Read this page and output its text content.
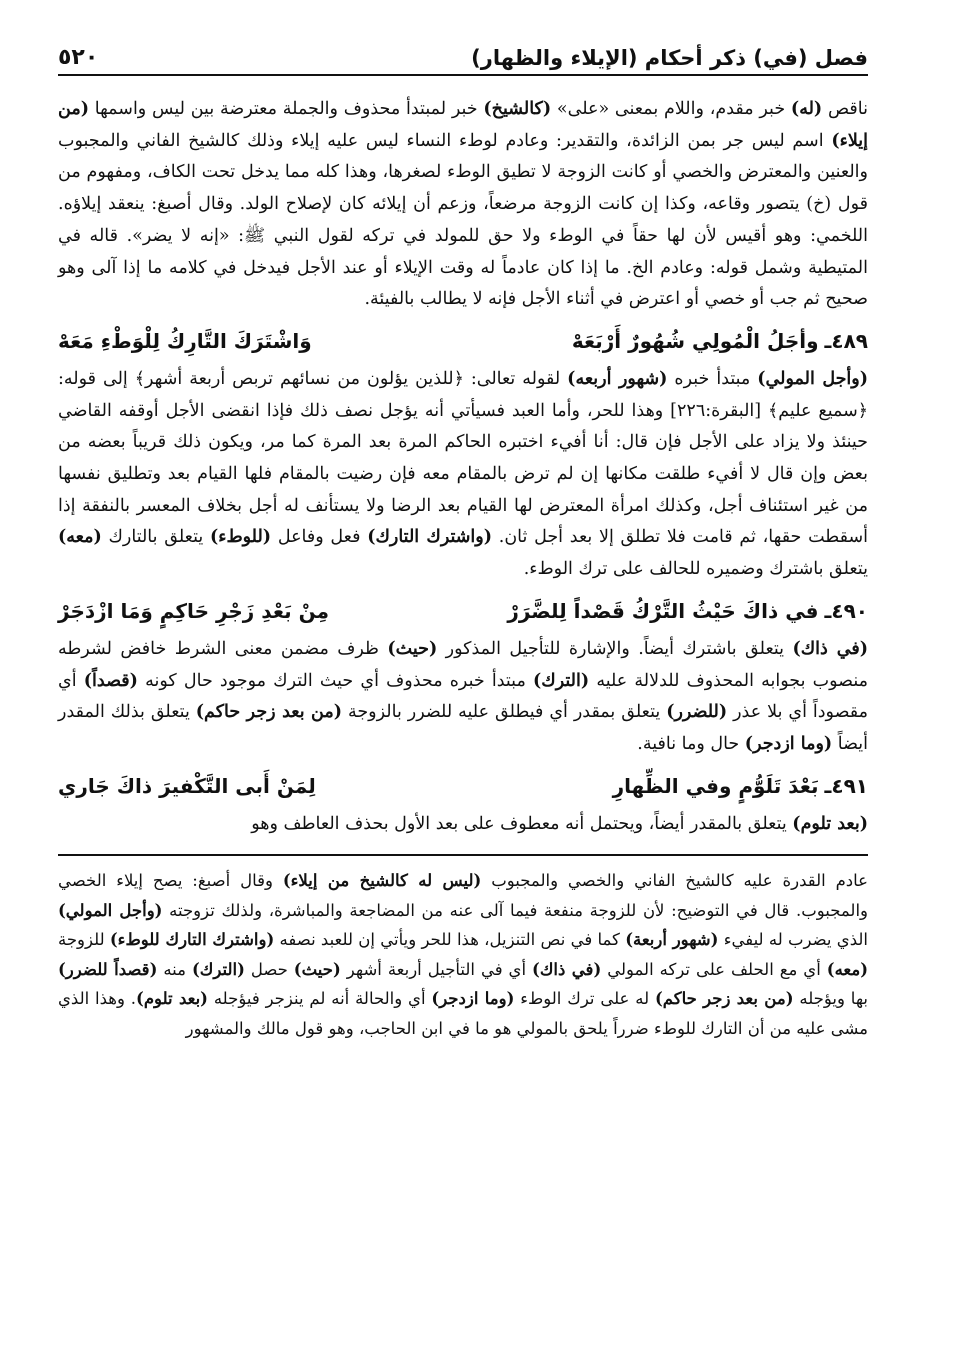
فصل (في) ذكر أحكام (الإيلاء والظهار)
٥٢٠

ناقص (له) خبر مقدم، واللام بمعنى «على» (كالشيخ) خبر لمبتدأ محذوف والجملة معترضة بين ليس واسمها (من إيلاء) اسم ليس جر بمن الزائدة، والتقدير: وعادم لوطء النساء ليس عليه إيلاء وذلك كالشيخ الفاني والمجبوب والعنين والمعترض والخصي أو كانت الزوجة لا تطيق الوطء لصغرها، وهذا كله مما يدخل تحت الكاف، ومفهوم من قول (خ) يتصور وقاعه، وكذا إن كانت الزوجة مرضعاً، وزعم أن إيلائه كان لإصلاح الولد. وقال أصبغ: ينعقد إيلاؤه. اللخمي: وهو أقيس لأن لها حقاً في الوطء ولا حق للمولد في تركه لقول النبي ﷺ: «إنه لا يضر». قاله في المتيطية وشمل قوله: وعادم الخ. ما إذا كان عادماً له وقت الإيلاء أو عند الأجل فيدخل في كلامه ما إذا آلى وهو صحيح ثم جب أو خصي أو اعترض في أثناء الأجل فإنه لا يطالب بالفيئة.

٤٨٩ـ
وأجَلُ الْمُولِي شُهُورٌ أَرْبَعَهْ
وَاشْتَرَكَ التَّارِكُ لِلْوَطْءِ مَعَهْ

(وأجل المولي) مبتدأ خبره (شهور أربعه) لقوله تعالى: ﴿للذين يؤلون من نسائهم تربص أربعة أشهر﴾ إلى قوله: ﴿سميع عليم﴾ [البقرة:٢٢٦] وهذا للحر، وأما العبد فسيأتي أنه يؤجل نصف ذلك فإذا انقضى الأجل أوقفه القاضي حينئذ ولا يزاد على الأجل فإن قال: أنا أفيء اختبره الحاكم المرة بعد المرة كما مر، ويكون ذلك قريباً بعضه من بعض وإن قال لا أفيء طلقت مكانها إن لم ترض بالمقام معه فإن رضيت بالمقام فلها القيام بعد وتطليق نفسها من غير استئناف أجل، وكذلك امرأة المعترض لها القيام بعد الرضا ولا يستأنف له أجل بخلاف المعسر بالنفقة إذا أسقطت حقها، ثم قامت فلا تطلق إلا بعد أجل ثان. (واشترك التارك) فعل وفاعل (للوطء) يتعلق بالتارك (معه) يتعلق باشترك وضميره للحالف على ترك الوطء.

٤٩٠ـ
في ذاكَ حَيْثُ التَّرْكُ قَصْداً لِلضَّرَرْ
مِنْ بَعْدِ زَجْرِ حَاكِمٍ وَمَا ازْدَجَرْ

(في ذاك) يتعلق باشترك أيضاً. والإشارة للتأجيل المذكور (حيث) ظرف مضمن معنى الشرط خافض لشرطه منصوب بجوابه المحذوف للدلالة عليه (الترك) مبتدأ خبره محذوف أي حيث الترك موجود حال كونه (قصداً) أي مقصوداً أي بلا عذر (للضرر) يتعلق بمقدر أي فيطلق عليه للضرر بالزوجة (من بعد زجر حاكم) يتعلق بذلك المقدر أيضاً (وما ازدجر) حال وما نافية.

٤٩١ـ
بَعْدَ تَلَوُّمٍ وفي الظِّهارِ
لِمَنْ أَبى التَّكْفيرَ ذاكَ جَاري

(بعد تلوم) يتعلق بالمقدر أيضاً، ويحتمل أنه معطوف على بعد الأول بحذف العاطف وهو

عادم القدرة عليه كالشيخ الفاني والخصي والمجبوب (ليس له كالشيخ من إيلاء) وقال أصبغ: يصح إيلاء الخصي والمجبوب. قال في التوضيح: لأن للزوجة منفعة فيما آلى عنه من المضاجعة والمباشرة، ولذلك تزوجته (وأجل المولي) الذي يضرب له ليفيء (شهور أربعة) كما في نص التنزيل، هذا للحر ويأتي إن للعبد نصفه (واشترك التارك للوطء) للزوجة (معه) أي مع الحلف على تركه المولي (في ذاك) أي في التأجيل أربعة أشهر (حيث) حصل (الترك) منه (قصداً للضرر) بها ويؤجله (من بعد زجر حاكم) له على ترك الوطء (وما ازدجر) أي والحالة أنه لم ينزجر فيؤجله (بعد تلوم). وهذا الذي مشى عليه من أن التارك للوطء ضرراً يلحق بالمولي هو ما في ابن الحاجب، وهو قول مالك والمشهور
